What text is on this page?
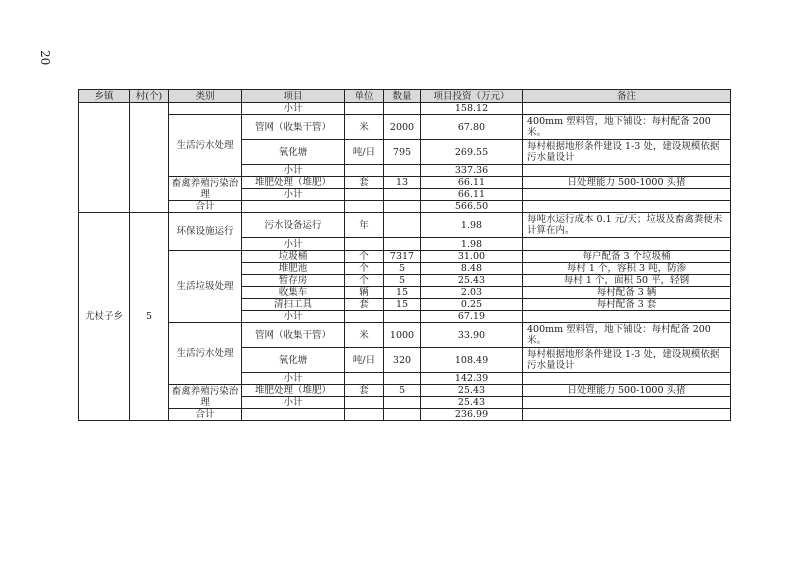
20
乡镇	村(个)	类别	项目	单位	数量	项目投资（万元）	备注
			小计			158.12	
		生活污水处理	管网（收集干管）	米	2000	67.80	400mm 塑料管，地下铺设：每村配备 200 米。
			氧化塘	吨/日	795	269.55	每村根据地形条件建设 1-3 处，建设规模依据污水量设计
			小计			337.36	
		畜禽养殖污染治理	堆肥处理（堆肥）	套	13	66.11	日处理能力 500-1000 头猪
			小计			66.11	
		合计				566.50	
尤杖子乡	5	环保设施运行	污水设备运行	年		1.98	每吨水运行成本 0.1 元/天；垃圾及畜禽粪便未计算在内。
			小计			1.98	
		生活垃圾处理	垃圾桶	个	7317	31.00	每户配备 3 个垃圾桶
			堆肥池	个	5	8.48	每村 1 个，容积 3 吨，防渗
			暂存房	个	5	25.43	每村 1 个，面积 50 平，轻钢
			收集车	辆	15	2.03	每村配备 3 辆
			清扫工具	套	15	0.25	每村配备 3 套
			小计			67.19	
		生活污水处理	管网（收集干管）	米	1000	33.90	400mm 塑料管，地下铺设：每村配备 200 米。
			氧化塘	吨/日	320	108.49	每村根据地形条件建设 1-3 处，建设规模依据污水量设计
			小计			142.39	
		畜禽养殖污染治理	堆肥处理（堆肥）	套	5	25.43	日处理能力 500-1000 头猪
			小计			25.43	
		合计				236.99	
